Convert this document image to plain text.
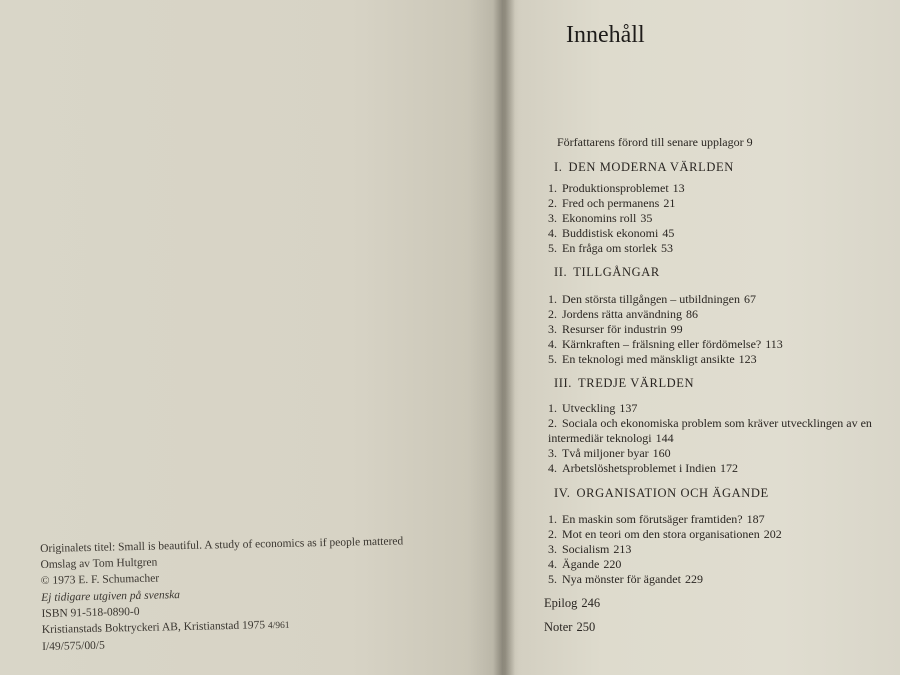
Originalets titel: Small is beautiful. A study of economics as if people mattered
Omslag av Tom Hultgren
© 1973 E. F. Schumacher
Ej tidigare utgiven på svenska
ISBN 91-518-0890-0
Kristianstads Boktryckeri AB, Kristianstad 1975 4/961
I/49/575/00/5
Innehåll
Författarens förord till senare upplagor 9
I. DEN MODERNA VÄRLDEN
1. Produktionsproblemet 13
2. Fred och permanens 21
3. Ekonomins roll 35
4. Buddistisk ekonomi 45
5. En fråga om storlek 53
II. TILLGÅNGAR
1. Den största tillgången – utbildningen 67
2. Jordens rätta användning 86
3. Resurser för industrin 99
4. Kärnkraften – frälsning eller fördömelse? 113
5. En teknologi med mänskligt ansikte 123
III. TREDJE VÄRLDEN
1. Utveckling 137
2. Sociala och ekonomiska problem som kräver utvecklingen av en intermediär teknologi 144
3. Två miljoner byar 160
4. Arbetslöshetsproblemet i Indien 172
IV. ORGANISATION OCH ÄGANDE
1. En maskin som förutsäger framtiden? 187
2. Mot en teori om den stora organisationen 202
3. Socialism 213
4. Ägande 220
5. Nya mönster för ägandet 229
Epilog 246
Noter 250
